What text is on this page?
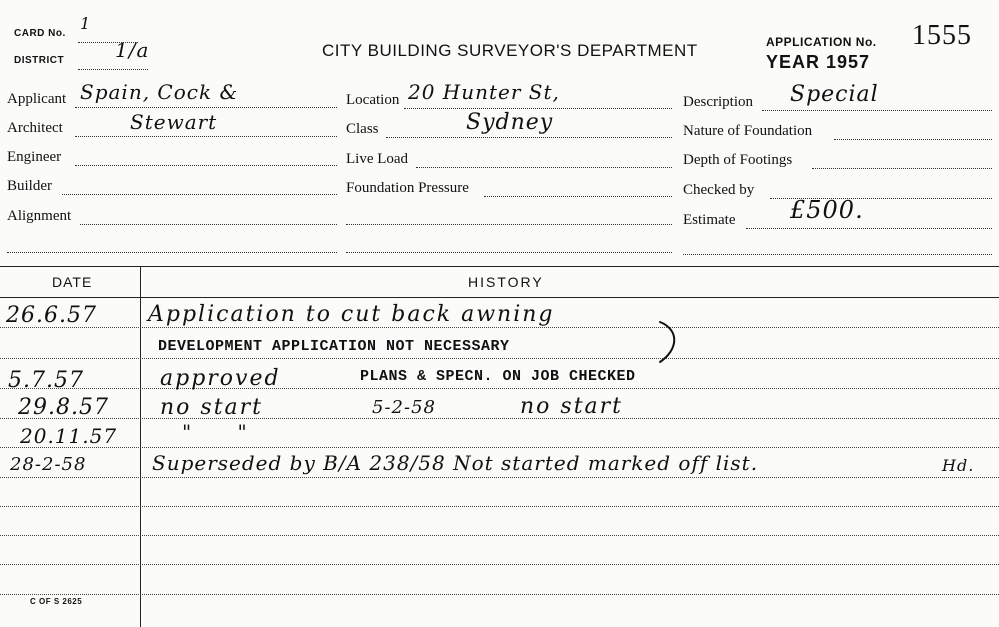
CARD No.
1
DISTRICT	1/a	CITY BUILDING SURVEYOR'S DEPARTMENT	APPLICATION No. 1555
YEAR 1957
Applicant Spain, Cock &
Architect	Stewart
Engineer
Builder
Alignment
Location 20 Hunter St,
Class	Sydney
Live Load
Foundation Pressure
Description Special
Nature of Foundation
Depth of Footings
Checked by
Estimate £500.
DATE	HISTORY
26.6.57 Application to cut back awning
DEVELOPMENT APPLICATION NOT NECESSARY
5.7.57	approved	PLANS & SPECN. ON JOB CHECKED
29.8.57 no start	5-2-58	no start
20.11.57	" "
28-2-58	Superseded by B/A 238/58 Not started marked off list.	Hd.
C OF S 2625
